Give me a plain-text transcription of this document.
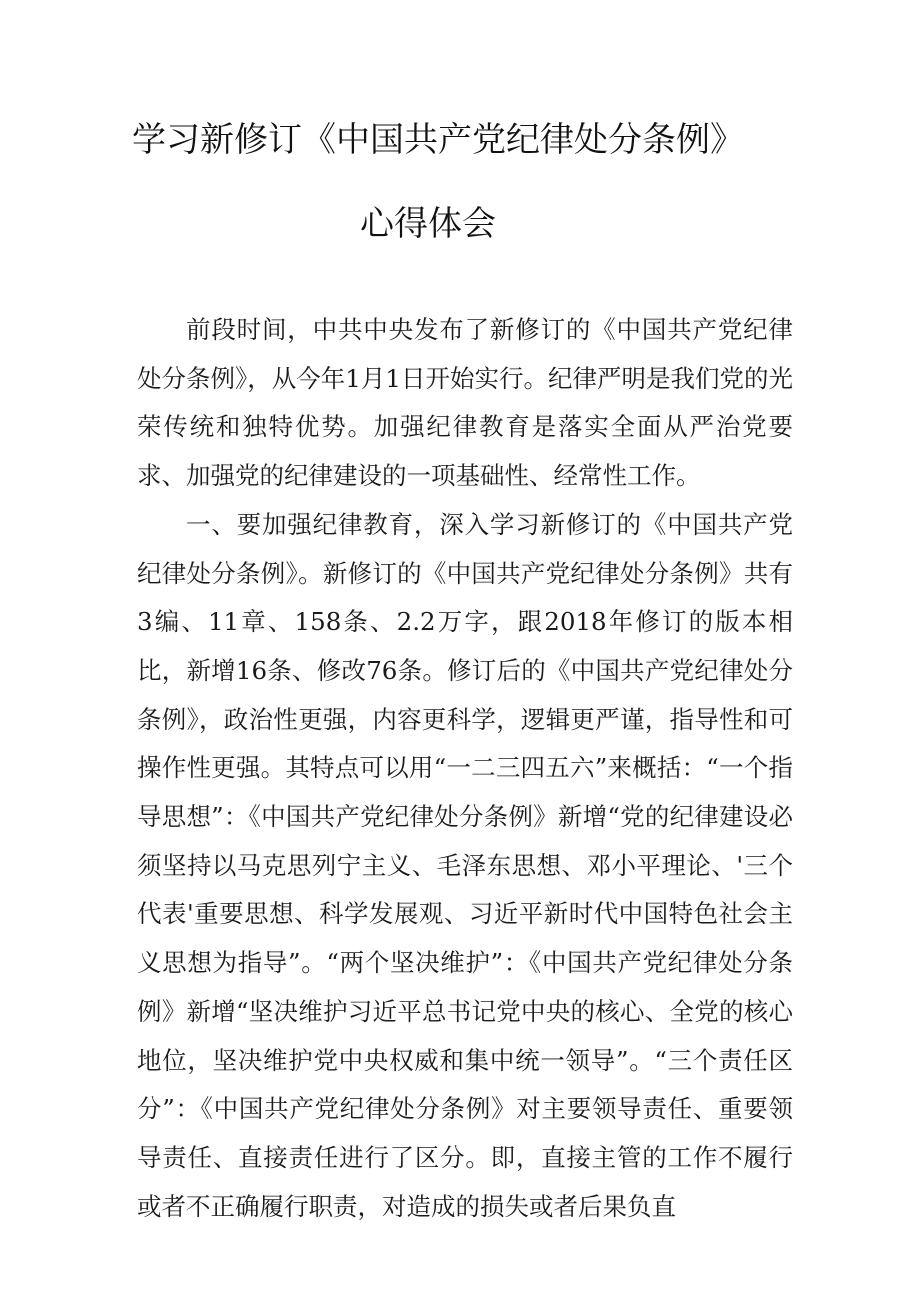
学习新修订《中国共产党纪律处分条例》
心得体会

前段时间，中共中央发布了新修订的《中国共产党纪律处分条例》，从今年1月1日开始实行。纪律严明是我们党的光荣传统和独特优势。加强纪律教育是落实全面从严治党要求、加强党的纪律建设的一项基础性、经常性工作。

一、要加强纪律教育，深入学习新修订的《中国共产党纪律处分条例》。新修订的《中国共产党纪律处分条例》共有3编、11章、158条、2.2万字，跟2018年修订的版本相比，新增16条、修改76条。修订后的《中国共产党纪律处分条例》，政治性更强，内容更科学，逻辑更严谨，指导性和可操作性更强。其特点可以用“一二三四五六”来概括：“一个指导思想”：《中国共产党纪律处分条例》新增“党的纪律建设必须坚持以马克思列宁主义、毛泽东思想、邓小平理论、'三个代表'重要思想、科学发展观、习近平新时代中国特色社会主义思想为指导”。“两个坚决维护”：《中国共产党纪律处分条例》新增“坚决维护习近平总书记党中央的核心、全党的核心地位，坚决维护党中央权威和集中统一领导”。“三个责任区分”：《中国共产党纪律处分条例》对主要领导责任、重要领导责任、直接责任进行了区分。即，直接主管的工作不履行或者不正确履行职责，对造成的损失或者后果负直
